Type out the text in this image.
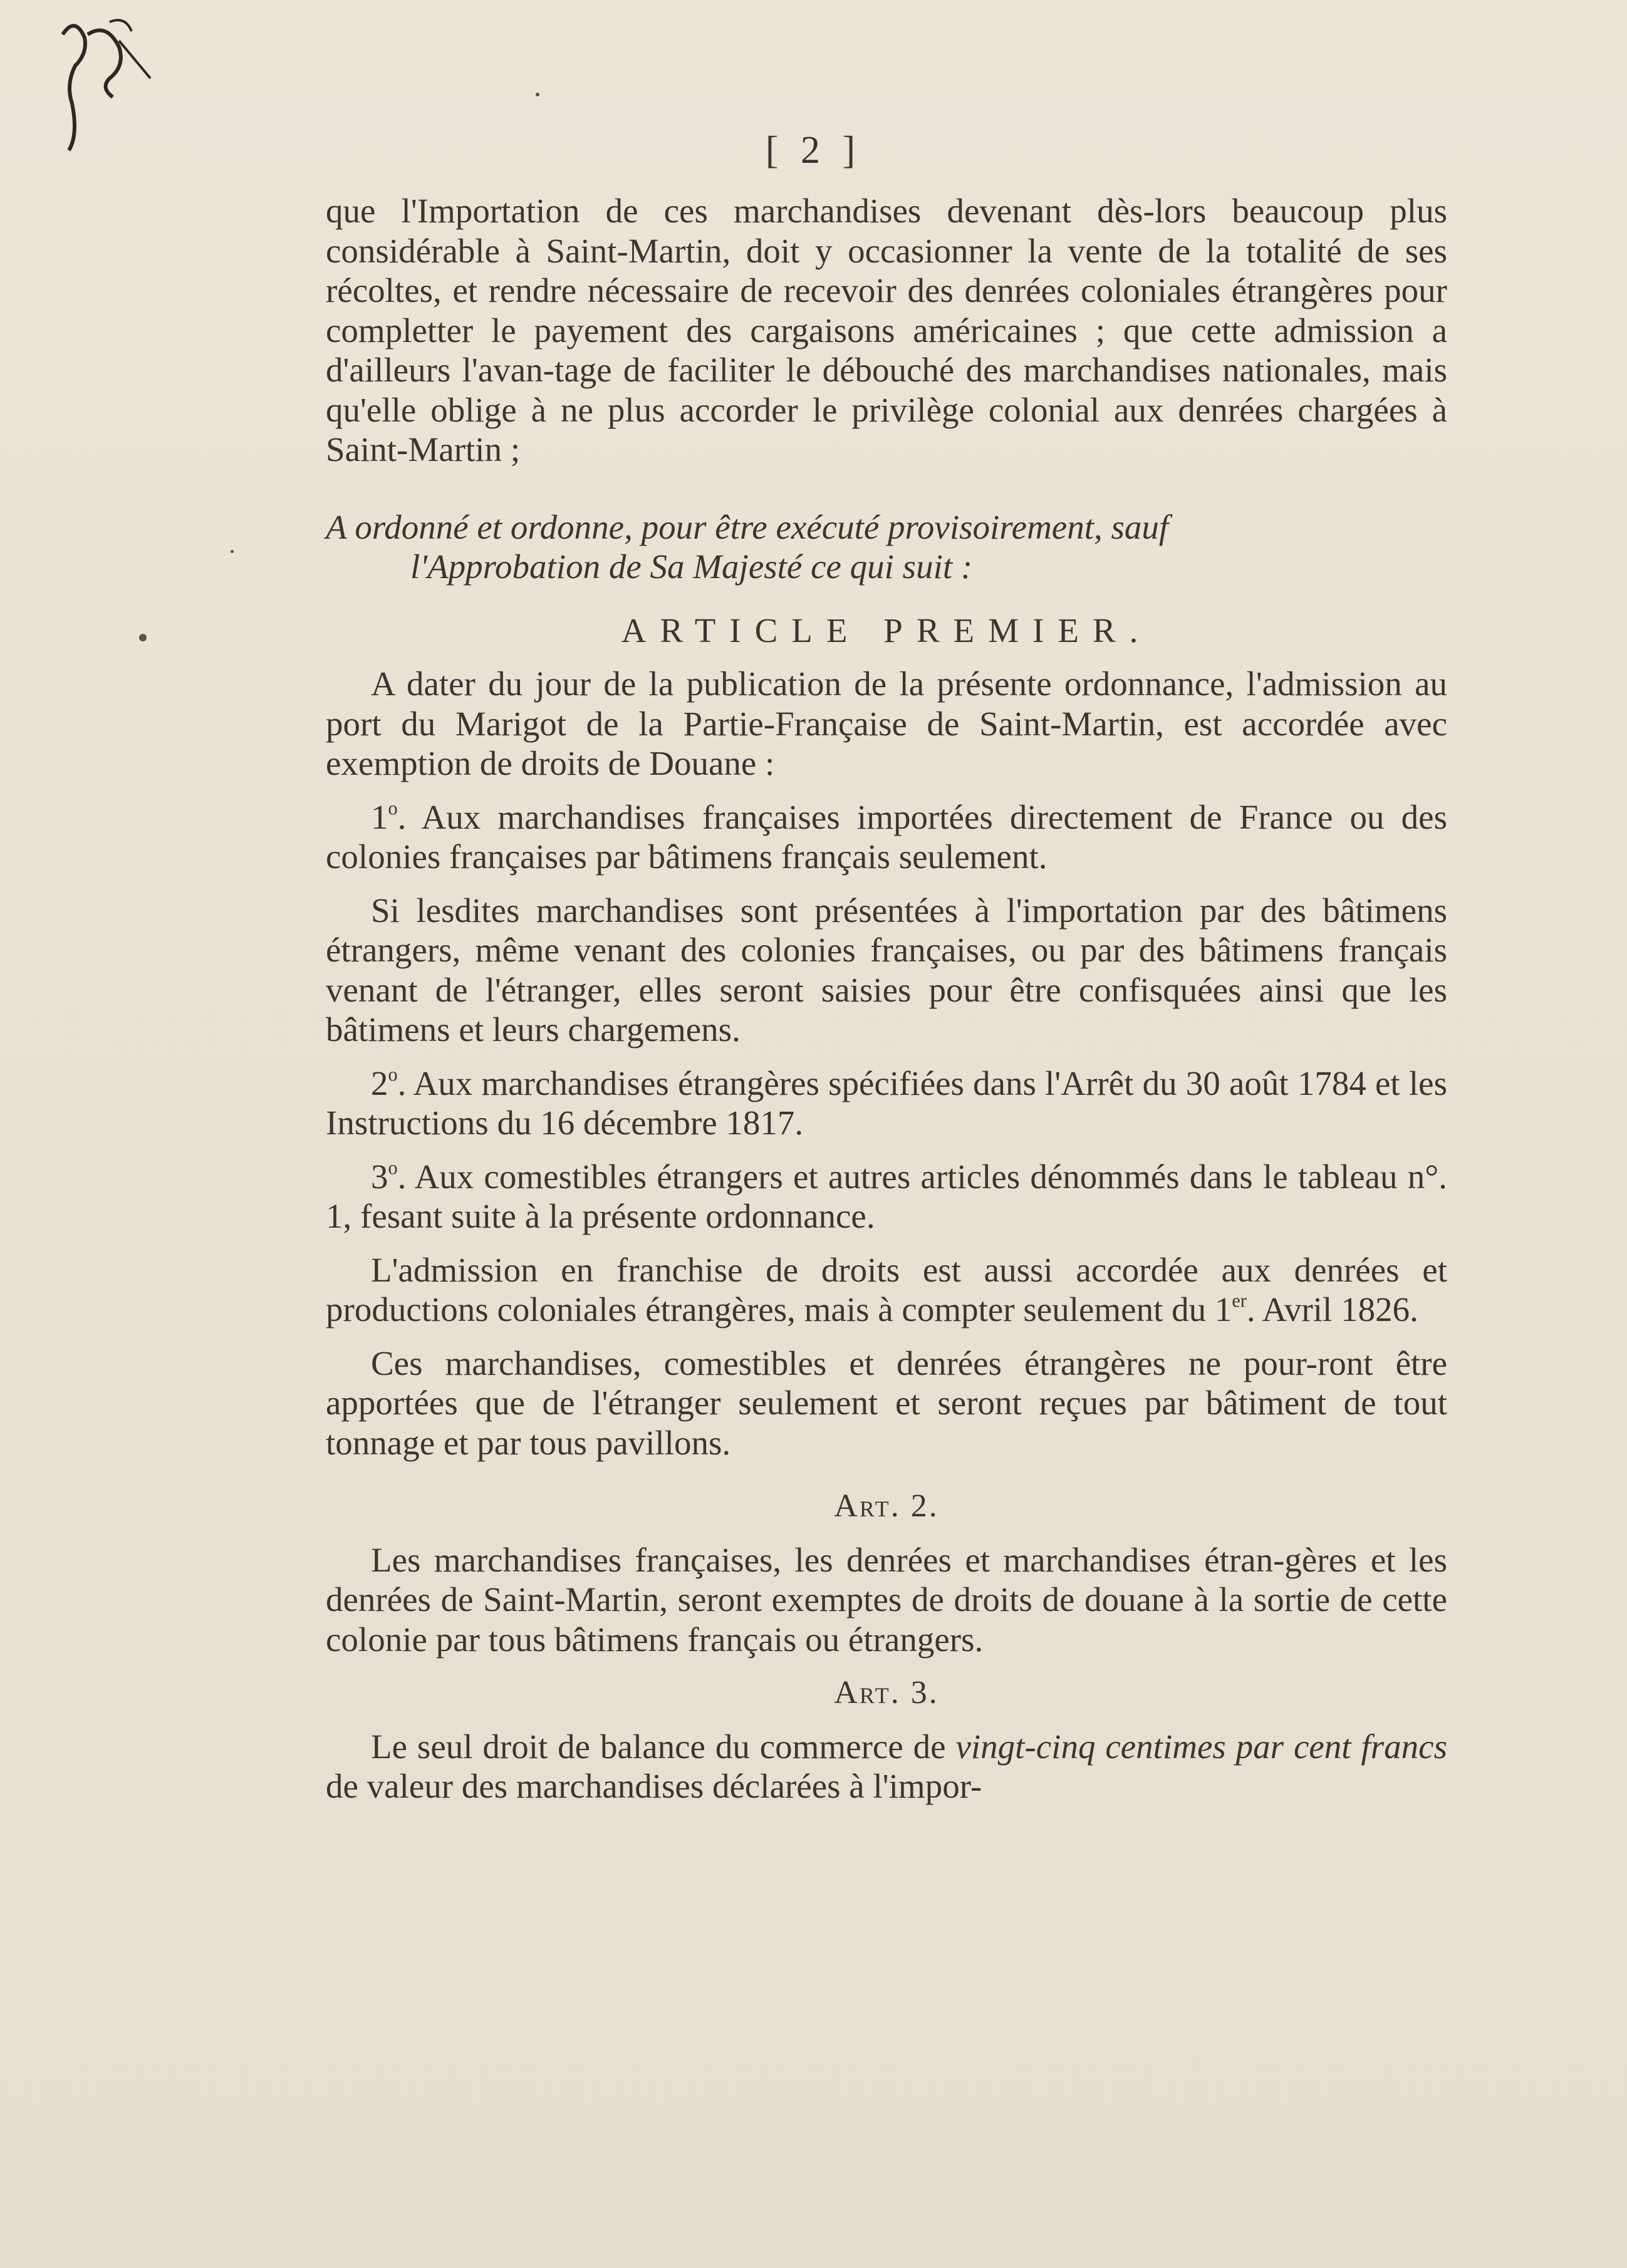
[ 2 ]

que l'Importation de ces marchandises devenant dès-lors beaucoup plus considérable à Saint-Martin, doit y occasionner la vente de la totalité de ses récoltes, et rendre nécessaire de recevoir des denrées coloniales étrangères pour completter le payement des cargaisons américaines ; que cette admission a d'ailleurs l'avan-tage de faciliter le débouché des marchandises nationales, mais qu'elle oblige à ne plus accorder le privilège colonial aux denrées chargées à Saint-Martin ;

A ordonné et ordonne, pour être exécuté provisoirement, sauf

l'Approbation de Sa Majesté ce qui suit :

ARTICLE PREMIER.

A dater du jour de la publication de la présente ordonnance, l'admission au port du Marigot de la Partie-Française de Saint-Martin, est accordée avec exemption de droits de Douane :

1$^o$. Aux marchandises françaises importées directement de France ou des colonies françaises par bâtimens français seulement.

Si lesdites marchandises sont présentées à l'importation par des bâtimens étrangers, même venant des colonies françaises, ou par des bâtimens français venant de l'étranger, elles seront saisies pour être confisquées ainsi que les bâtimens et leurs chargemens.

2$^o$. Aux marchandises étrangères spécifiées dans l'Arrêt du 30 août 1784 et les Instructions du 16 décembre 1817.

3$^o$. Aux comestibles étrangers et autres articles dénommés dans le tableau n°. 1, fesant suite à la présente ordonnance.

L'admission en franchise de droits est aussi accordée aux denrées et productions coloniales étrangères, mais à compter seulement du 1er. Avril 1826.

Ces marchandises, comestibles et denrées étrangères ne pour-ront être apportées que de l'étranger seulement et seront reçues par bâtiment de tout tonnage et par tous pavillons.

Art. 2.

Les marchandises françaises, les denrées et marchandises étran-gères et les denrées de Saint-Martin, seront exemptes de droits de douane à la sortie de cette colonie par tous bâtimens français ou étrangers.

Art. 3.

Le seul droit de balance du commerce de vingt-cinq centimes par cent francs de valeur des marchandises déclarées à l'impor-
